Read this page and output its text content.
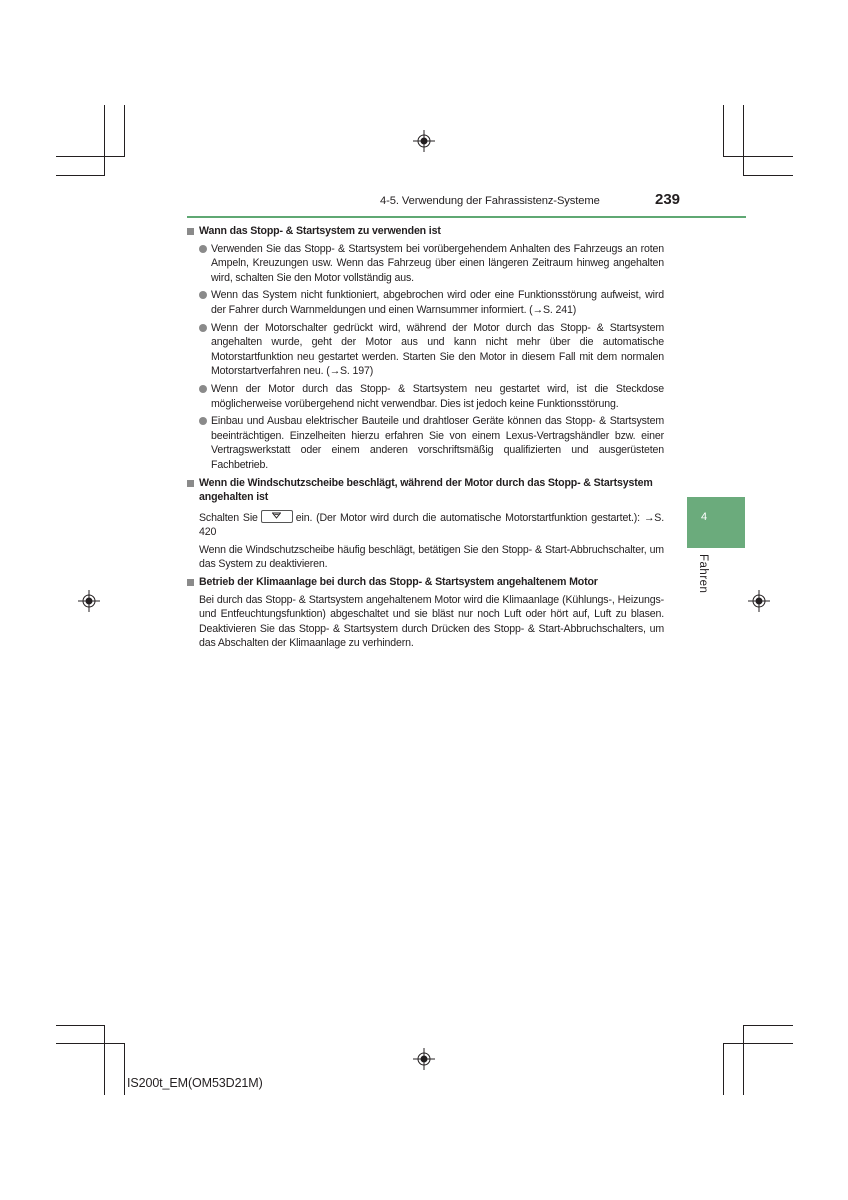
4-5. Verwendung der Fahrassistenz-Systeme	239
4
Fahren
Wann das Stopp- & Startsystem zu verwenden ist
Verwenden Sie das Stopp- & Startsystem bei vorübergehendem Anhalten des Fahrzeugs an roten Ampeln, Kreuzungen usw. Wenn das Fahrzeug über einen längeren Zeitraum hinweg angehalten wird, schalten Sie den Motor vollständig aus.
Wenn das System nicht funktioniert, abgebrochen wird oder eine Funktionsstörung aufweist, wird der Fahrer durch Warnmeldungen und einen Warnsummer informiert. (→S. 241)
Wenn der Motorschalter gedrückt wird, während der Motor durch das Stopp- & Startsystem angehalten wurde, geht der Motor aus und kann nicht mehr über die automatische Motorstartfunktion neu gestartet werden. Starten Sie den Motor in diesem Fall mit dem normalen Motorstartverfahren neu. (→S. 197)
Wenn der Motor durch das Stopp- & Startsystem neu gestartet wird, ist die Steckdose möglicherweise vorübergehend nicht verwendbar. Dies ist jedoch keine Funktionsstörung.
Einbau und Ausbau elektrischer Bauteile und drahtloser Geräte können das Stopp- & Startsystem beeinträchtigen. Einzelheiten hierzu erfahren Sie von einem Lexus-Vertragshändler bzw. einer Vertragswerkstatt oder einem anderen vorschriftsmäßig qualifizierten und ausgerüsteten Fachbetrieb.
Wenn die Windschutzscheibe beschlägt, während der Motor durch das Stopp- & Startsystem angehalten ist
Schalten Sie	ein. (Der Motor wird durch die automatische Motorstartfunktion gestartet.): →S. 420
Wenn die Windschutzscheibe häufig beschlägt, betätigen Sie den Stopp- & Start-Abbruchschalter, um das System zu deaktivieren.
Betrieb der Klimaanlage bei durch das Stopp- & Startsystem angehaltenem Motor
Bei durch das Stopp- & Startsystem angehaltenem Motor wird die Klimaanlage (Kühlungs-, Heizungs- und Entfeuchtungsfunktion) abgeschaltet und sie bläst nur noch Luft oder hört auf, Luft zu blasen. Deaktivieren Sie das Stopp- & Startsystem durch Drücken des Stopp- & Start-Abbruchschalters, um das Abschalten der Klimaanlage zu verhindern.
IS200t_EM(OM53D21M)
